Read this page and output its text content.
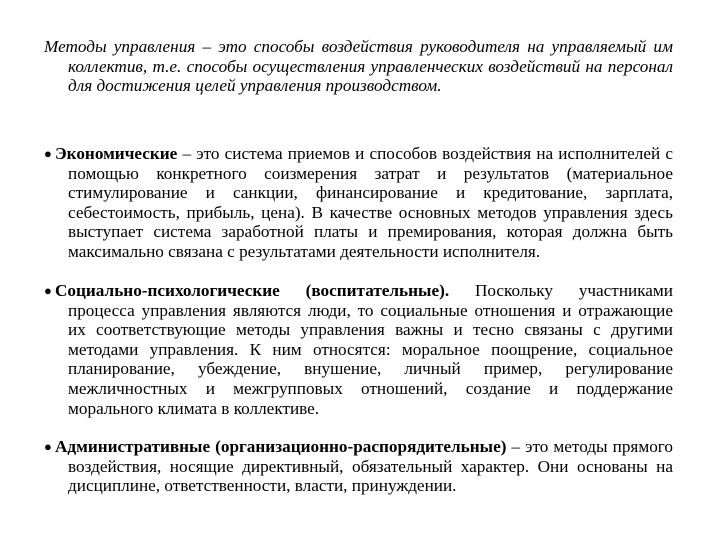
Методы управления – это способы воздействия руководителя на управляемый им коллектив, т.е. способы осуществления управленческих воздействий на персонал для достижения целей управления производством.

● Экономические – это система приемов и способов воздействия на исполнителей с помощью конкретного соизмерения затрат и результатов (материальное стимулирование и санкции, финансирование и кредитование, зарплата, себестоимость, прибыль, цена). В качестве основных методов управления здесь выступает система заработной платы и премирования, которая должна быть максимально связана с результатами деятельности исполнителя.

● Социально-психологические (воспитательные). Поскольку участниками процесса управления являются люди, то социальные отношения и отражающие их соответствующие методы управления важны и тесно связаны с другими методами управления. К ним относятся: моральное поощрение, социальное планирование, убеждение, внушение, личный пример, регулирование межличностных и межгрупповых отношений, создание и поддержание морального климата в коллективе.

● Административные (организационно-распорядительные) – это методы прямого воздействия, носящие директивный, обязательный характер. Они основаны на дисциплине, ответственности, власти, принуждении.
